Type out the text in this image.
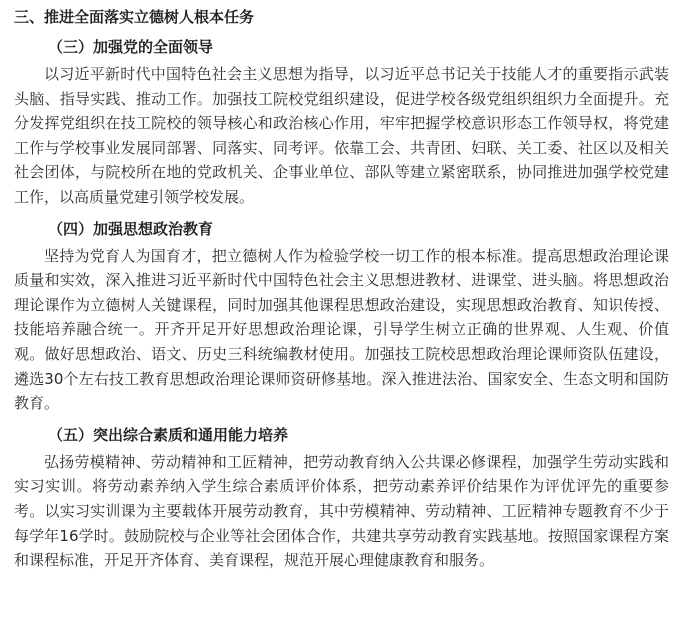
三、推进全面落实立德树人根本任务
（三）加强党的全面领导

以习近平新时代中国特色社会主义思想为指导，以习近平总书记关于技能人才的重要指示武装头脑、指导实践、推动工作。加强技工院校党组织建设，促进学校各级党组织组织力全面提升。充分发挥党组织在技工院校的领导核心和政治核心作用，牢牢把握学校意识形态工作领导权，将党建工作与学校事业发展同部署、同落实、同考评。依靠工会、共青团、妇联、关工委、社区以及相关社会团体，与院校所在地的党政机关、企事业单位、部队等建立紧密联系，协同推进加强学校党建工作，以高质量党建引领学校发展。

（四）加强思想政治教育

坚持为党育人为国育才，把立德树人作为检验学校一切工作的根本标准。提高思想政治理论课质量和实效，深入推进习近平新时代中国特色社会主义思想进教材、进课堂、进头脑。将思想政治理论课作为立德树人关键课程，同时加强其他课程思想政治建设，实现思想政治教育、知识传授、技能培养融合统一。开齐开足开好思想政治理论课，引导学生树立正确的世界观、人生观、价值观。做好思想政治、语文、历史三科统编教材使用。加强技工院校思想政治理论课师资队伍建设，遴选30个左右技工教育思想政治理论课师资研修基地。深入推进法治、国家安全、生态文明和国防教育。

（五）突出综合素质和通用能力培养

弘扬劳模精神、劳动精神和工匠精神，把劳动教育纳入公共课必修课程，加强学生劳动实践和实习实训。将劳动素养纳入学生综合素质评价体系，把劳动素养评价结果作为评优评先的重要参考。以实习实训课为主要载体开展劳动教育，其中劳模精神、劳动精神、工匠精神专题教育不少于每学年16学时。鼓励院校与企业等社会团体合作，共建共享劳动教育实践基地。按照国家课程方案和课程标准，开足开齐体育、美育课程，规范开展心理健康教育和服务。
